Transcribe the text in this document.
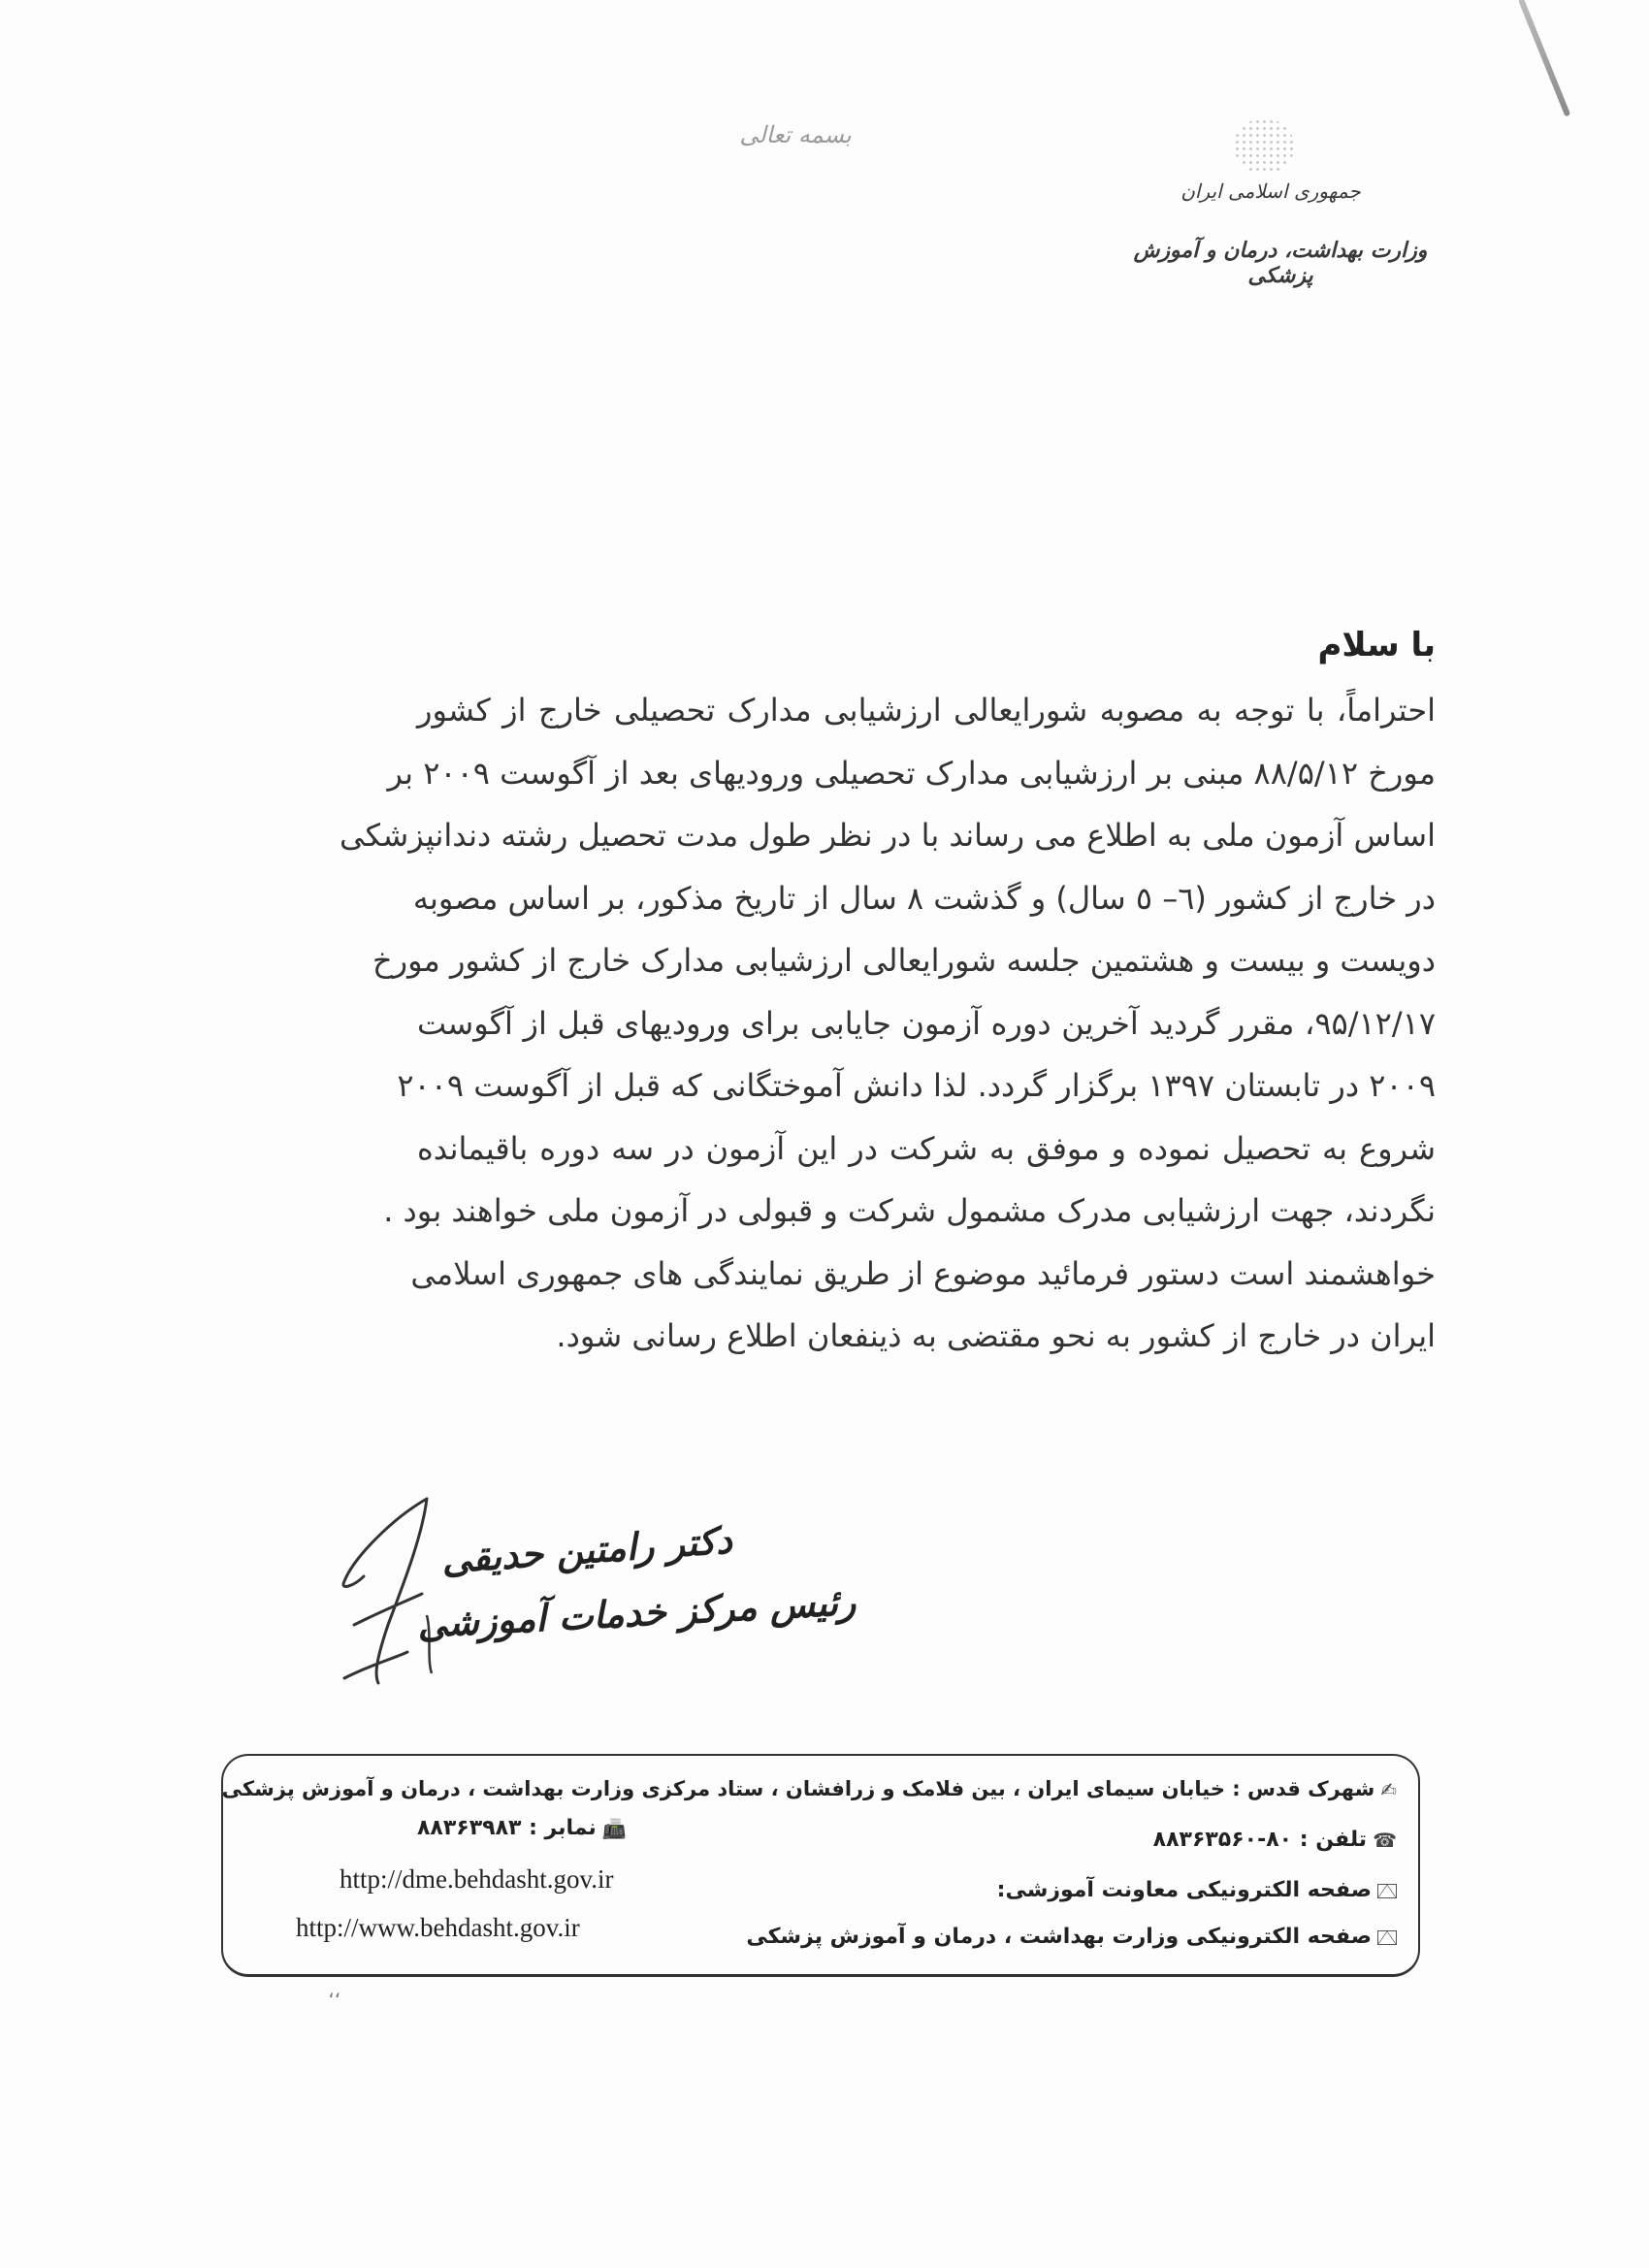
بسمه تعالی
جمهوری اسلامی ایران
وزارت بهداشت، درمان و آموزش پزشکی
با سلام
احتراماً، با توجه به مصوبه شورایعالی ارزشیابی مدارک تحصیلی خارج از کشور
مورخ ۸۸/۵/۱۲ مبنی بر ارزشیابی مدارک تحصیلی ورودیهای بعد از آگوست ۲۰۰۹ بر
اساس آزمون ملی به اطلاع می رساند با در نظر طول مدت تحصیل رشته دندانپزشکی
در خارج از کشور (٦– ٥ سال) و گذشت ۸ سال از تاریخ مذکور، بر اساس مصوبه
دویست و بیست و هشتمین جلسه شورایعالی ارزشیابی مدارک خارج از کشور مورخ
۹۵/۱۲/۱۷، مقرر گردید آخرین دوره آزمون جایابی برای ورودیهای قبل از آگوست
۲۰۰۹ در تابستان ۱۳۹۷ برگزار گردد. لذا دانش آموختگانی که قبل از آگوست ۲۰۰۹
شروع به تحصیل نموده و موفق به شرکت در این آزمون در سه دوره باقیمانده
نگردند، جهت ارزشیابی مدرک مشمول شرکت و قبولی در آزمون ملی خواهند بود .
خواهشمند است دستور فرمائید موضوع از طریق نمایندگی های جمهوری اسلامی
ایران در خارج از کشور به نحو مقتضی به ذینفعان اطلاع رسانی شود.
دکتر رامتین حدیقی
رئیس مرکز خدمات آموزشی
✍شهرک قدس : خیابان سیمای ایران ، بین فلامک و زرافشان ، ستاد مرکزی وزارت بهداشت ، درمان و آموزش پزشکی
☎تلفن : ۸۰-۸۸۳۶۳۵۶۰
📠نمابر : ۸۸۳۶۳۹۸۳
صفحه الکترونیکی معاونت آموزشی:
http://dme.behdasht.gov.ir
صفحه الکترونیکی وزارت بهداشت ، درمان و آموزش پزشکی
http://www.behdasht.gov.ir
،،
